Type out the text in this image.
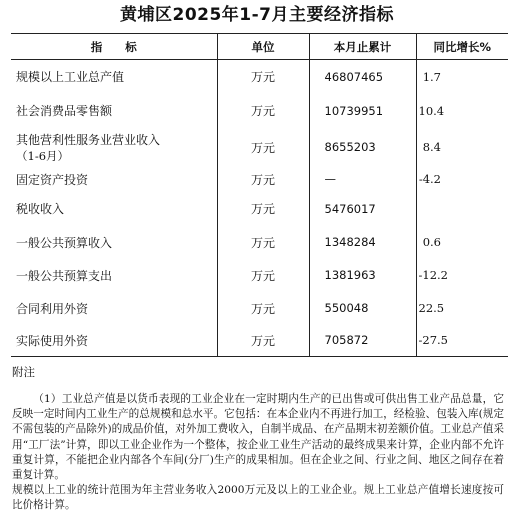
黄埔区2025年1-7月主要经济指标
指　　标	单位	本月止累计	同比增长%
规模以上工业总产值	万元	46807465	1.7
社会消费品零售额	万元	10739951	10.4
其他营利性服务业营业收入
（1-6月）	万元	8655203	8.4
固定资产投资	万元	—	-4.2
税收收入	万元	5476017	
一般公共预算收入	万元	1348284	0.6
一般公共预算支出	万元	1381963	-12.2
合同利用外资	万元	550048	22.5
实际使用外资	万元	705872	-27.5
附注

（1）工业总产值是以货币表现的工业企业在一定时期内生产的已出售或可供出售工业产品总量，它反映一定时间内工业生产的总规模和总水平。它包括：在本企业内不再进行加工，经检验、包装入库(规定不需包装的产品除外)的成品价值，对外加工费收入，自制半成品、在产品期末初差额价值。工业总产值采用“工厂法”计算，即以工业企业作为一个整体，按企业工业生产活动的最终成果来计算，企业内部不允许重复计算，不能把企业内部各个车间(分厂)生产的成果相加。但在企业之间、行业之间、地区之间存在着重复计算。

规模以上工业的统计范围为年主营业务收入2000万元及以上的工业企业。规上工业总产值增长速度按可比价格计算。
